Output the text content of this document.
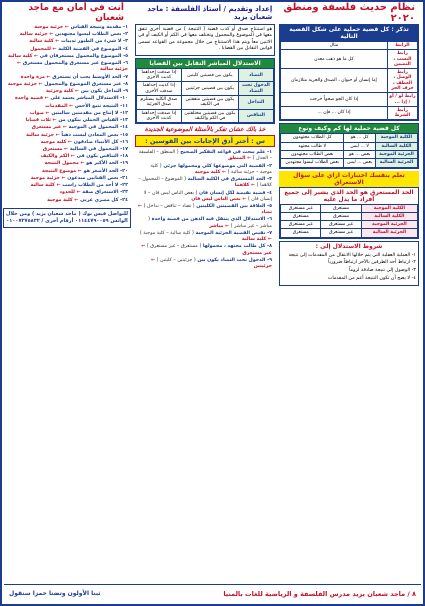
نظام حديث فلسفة ومنطق ٢٠٢٠
إعداد وتقديم / أستاذ الفلسفة : ماجد شعبان يزيد
أنت في أمان مع ماجد شعبان
تذكر : كل قضية حملية على شكل القضية التالية
الرابط	مثال
رابط النسب ، التضمن	كل ما هو ذهب معدن
رابط الوصل ، العطف ، حرف الجر	إما إنسان أو حيوان ، الصدق والحرية متلازمان
رابط لو / أو / إذا ...	إذا كان الجو صحواً خرجت
رابط الشرط	إذا كان ... فإن ...
كل قضية حملية لها كم وكيف ونوع
الكلية الموجبة	كل ... هو	كل الطلاب مجتهدون
الكلية السالبة	لا ... ليس	لا طالب مجتهد
الجزئية الموجبة	بعض ... هو	بعض الطلاب مجتهدون
الجزئية السالبة	بعض ... ليس	بعض الطلاب ليسوا مجتهدين
تعلم بنفسك اختبارات ازاي على سؤال الاستغراق
الحد المستغرق هو الحد الذي يشير إلى جميع أفراد ما يدل عليه
الكلية الموجبة	مستغرق	غير مستغرق
الكلية السالبة	مستغرق	مستغرق
الجزئية الموجبة	غير مستغرق	غير مستغرق
الجزئية السالبة	غير مستغرق	مستغرق
شروط الاستدلال إلى :
١- العملية العقلية التي يتم خلالها الانتقال من المقدمات إلى نتيجة
٢- ارتباط أحد الطرفين بالآخر ارتباطاً ضرورياً
٣- الوصول إلى نتيجة صادقة لزوماً
٤- لا يصح أن تكون النتيجة أعم من المقدمات
هو استنتاج صدق أو كذب قضية ( النتيجة ) من قضية أخرى تتفق معها في الموضوع والمحمول وتختلف معها في الكم أو الكيف أو في الاثنين معاً ويتم هذا الاستنتاج من خلال مجموعة من القواعد تسمى قوانين التقابل بين القضايا .
الاستدلال المباشر التقابل بين القضايا
التضاد	يكون بين قضيتين كليتين	إذا صدقت إحداهما كذبت الأخرى
الدخول تحت التضاد	يكون بين قضيتين جزئيتين	إذا كذبت إحداهما صدقت الأخرى
التداخل	يكون بين قضيتين متفقتين في الكيف	صدق الكلية يستلزم صدق الجزئية
التناقض	يكون بين قضيتين مختلفتين في الكم والكيف	إذا صدقت إحداهما كذبت الأخرى
خذ بالك عشان تفكر بالأسئلة الموضوعية الجديدة
س : أختر أدق الإجابات بين القوسين :
١- علم يبحث في قواعد التفكير الصحيح ( المنطق – الفلسفة – الجدل ) ← المنطق
٢- القضية التي موضوعها كلي ومحمولها جزئي ( كلية موجبة – جزئية سالبة ) ← كلية موجبة
٣- الحد المستغرق في الكلية السالبة ( الموضوع – المحمول – كلاهما ) ← كلاهما
٤- قضية نقيضة لكل إنسان فان ( بعض الناس ليس فان – لا إنسان فان ) ← بعض الناس ليس فان
٥- العلاقة بين القضيتين الكليتين ( تضاد – تناقض – تداخل ) ← تضاد
٦- الاستدلال الذي ينتقل فيه الذهن من قضية واحدة ( مباشر – غير مباشر ) ← مباشر
٧- نقيض القضية الجزئية الموجبة ( كلية سالبة – كلية موجبة ) ← كلية سالبة
٨- كل طالب مجتهد ، محمولها ( مستغرق – غير مستغرق ) ← غير مستغرق
٩- الدخول تحت التضاد يكون بين ( جزئيتين – كليتين ) ← جزئيتين
١- مقدمة ونتيجة القياس ← جزئية موجبة
٢- بعض الطلاب ليسوا مجتهدين ← جزئية سالبة
٣- لا شيء من الطيور ثدييات ← كلية سالبة
٤- الموضوع في القضية الكلية ← للمحمول
٥- الموضوع والمحمول مستغرقان في ← كلية سالبة
٦- الموضوع غير مستغرق والمحمول مستغرق ← جزئية سالبة
٧- الحد الأوسط يجب أن يستغرق ← مرة واحدة
٨- غير مستغرق الموضوع والمحمول ← جزئية موجبة
٩- التداخل يكون بين ← كلية وجزئية
١٠- الاستدلال المباشر يعتمد على ← قضية واحدة
١١- النتيجة تتبع الأخس ← المقدمات
١٢- لا إنتاج من مقدمتين سالبتين ← صواب
١٣- القياس الحملي يتكون من ← ثلاث قضايا
١٤- المحمول في الموجبة ← غير مستغرق
١٥- بعض المعادن ليست ذهباً ← جزئية سالبة
١٦- كل الأنبياء صادقون ← كلية موجبة
١٧- المحمول في السالبة ← مستغرق
١٨- التناقض يكون في ← الكم والكيف
١٩- الحد الأكبر هو ← محمول النتيجة
٢٠- الحد الأصغر هو ← موضوع النتيجة
٢١- بعض الفنانين مبدعون ← جزئية موجبة
٢٢- لا أحد من الطلاب راسب ← كلية سالبة
٢٣- الاستغراق صفة ← للحدود
٢٤- كل مصري عربي ← كلية موجبة
للتواصل فيس بوك ( ماجد شعبان يزيد ) ومن خلال الواتس ٠١١٤٤٧٩٠٠٥٩ أرقام أخرى / ٠١٠٠٧٢٧٥٨٣٢
٨ / ماجد شعبان يزيد مدرس الفلسفة و الرياضية للغات بالمنيا
ثبنا الأولون وتضنا حمزا سنقول
